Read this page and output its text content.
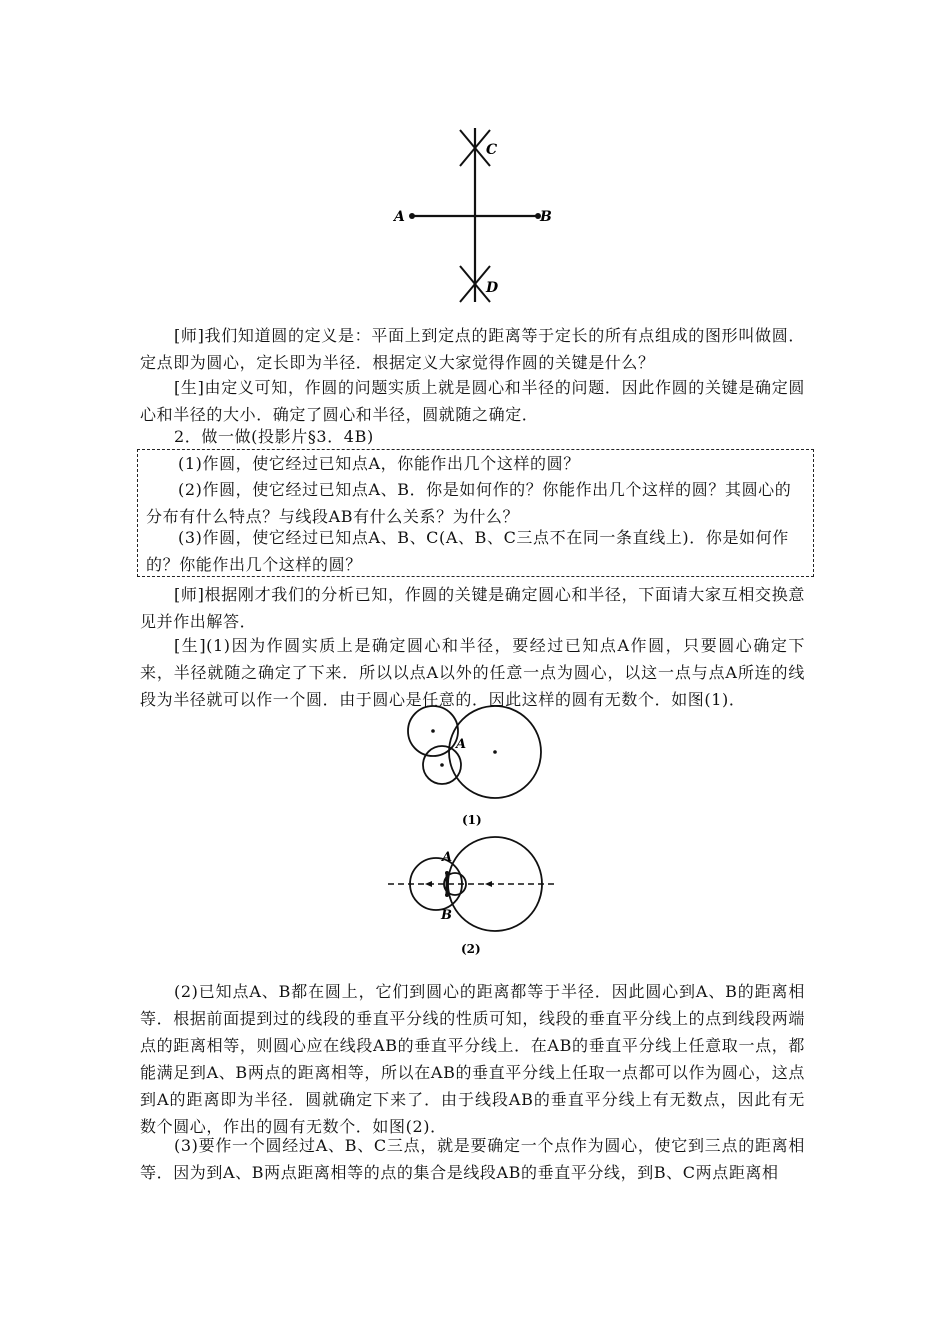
A	B
C
D

[师]我们知道圆的定义是：平面上到定点的距离等于定长的所有点组成的图形叫做圆．定点即为圆心，定长即为半径．根据定义大家觉得作圆的关键是什么？

[生]由定义可知，作圆的问题实质上就是圆心和半径的问题．因此作圆的关键是确定圆心和半径的大小．确定了圆心和半径，圆就随之确定．

2．做一做(投影片§3．4B)

(1)作圆，使它经过已知点A，你能作出几个这样的圆？

(2)作圆，使它经过已知点A、B．你是如何作的？你能作出几个这样的圆？其圆心的分布有什么特点？与线段AB有什么关系？为什么？

(3)作圆，使它经过已知点A、B、C(A、B、C三点不在同一条直线上)．你是如何作的？你能作出几个这样的圆？

[师]根据刚才我们的分析已知，作圆的关键是确定圆心和半径，下面请大家互相交换意见并作出解答．

[生](1)因为作圆实质上是确定圆心和半径，要经过已知点A作圆，只要圆心确定下来，半径就随之确定了下来．所以以点A以外的任意一点为圆心，以这一点与点A所连的线段为半径就可以作一个圆．由于圆心是任意的．因此这样的圆有无数个．如图(1)．

A
(1)
A
B
(2)

(2)已知点A、B都在圆上，它们到圆心的距离都等于半径．因此圆心到A、B的距离相等．根据前面提到过的线段的垂直平分线的性质可知，线段的垂直平分线上的点到线段两端点的距离相等，则圆心应在线段AB的垂直平分线上．在AB的垂直平分线上任意取一点，都能满足到A、B两点的距离相等，所以在AB的垂直平分线上任取一点都可以作为圆心，这点到A的距离即为半径．圆就确定下来了．由于线段AB的垂直平分线上有无数点，因此有无数个圆心，作出的圆有无数个．如图(2)．

(3)要作一个圆经过A、B、C三点，就是要确定一个点作为圆心，使它到三点的距离相等．因为到A、B两点距离相等的点的集合是线段AB的垂直平分线，到B、C两点距离相
